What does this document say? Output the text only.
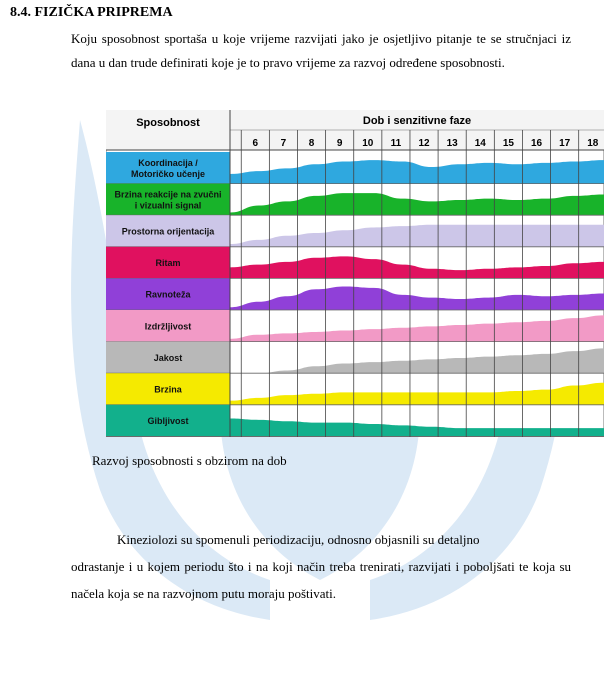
8.4. FIZIČKA PRIPREMA

Koju sposobnost sportaša u koje vrijeme razvijati jako je osjetljivo pitanje te se stručnjaci iz dana u dan trude definirati koje je to pravo vrijeme za razvoj određene sposobnosti.

Sposobnost	Dob i senzitivne faze
6 7 8 9 10 11 12 13 14 15 16 17 18
Koordinacija /
Motoričko učenje
Brzina reakcije na zvučni
i vizualni signal
Prostorna orijentacija
Ritam
Ravnoteža
Izdržljivost
Jakost
Brzina
Gibljivost

Razvoj sposobnosti s obzirom na dob

Kineziolozi su spomenuli periodizaciju, odnosno objasnili su detaljno
odrastanje i u kojem periodu što i na koji način treba trenirati, razvijati i poboljšati te koja su načela koja se na razvojnom putu moraju poštivati.
